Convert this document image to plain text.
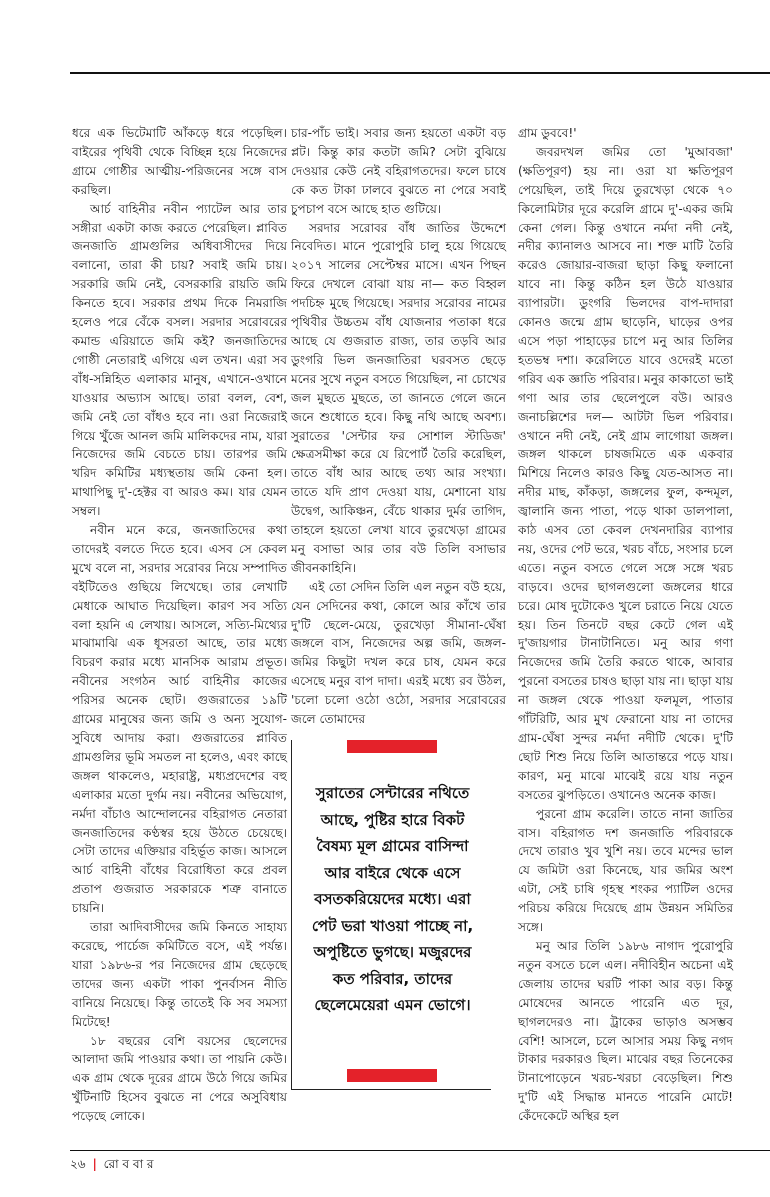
ধরে এক ভিটেমাটি আঁকড়ে ধরে পড়েছিল। বাইরের পৃথিবী থেকে বিচ্ছিন্ন হয়ে নিজেদের গ্রামে গোষ্ঠীর আত্মীয়-পরিজনের সঙ্গে বাস করছিল।

আর্চ বাহিনীর নবীন প্যাটেল আর তার সঙ্গীরা একটা কাজ করতে পেরেছিল। প্লাবিত জনজাতি গ্রামগুলির অধিবাসীদের দিয়ে বলানো, তারা কী চায়? সবাই জমি চায়। সরকারি জমি নেই, বেসরকারি রায়তি জমি কিনতে হবে। সরকার প্রথম দিকে নিমরাজি হলেও পরে বেঁকে বসল। সরদার সরোবরের কমান্ড এরিয়াতে জমি কই? জনজাতিদের গোষ্ঠী নেতারাই এগিয়ে এল তখন। এরা সব বাঁধ-সন্নিহিত এলাকার মানুষ, এখানে-ওখানে যাওয়ার অভ্যাস আছে। তারা বলল, বেশ, জমি নেই তো বাঁধও হবে না। ওরা নিজেরাই গিয়ে খুঁজে আনল জমি মালিকদের নাম, যারা নিজেদের জমি বেচতে চায়। তারপর জমি খরিদ কমিটির মধ্যস্থতায় জমি কেনা হল। মাথাপিছু দু'-হেক্টর বা আরও কম। যার যেমন সম্বল।

নবীন মনে করে, জনজাতিদের কথা তাদেরই বলতে দিতে হবে। এসব সে কেবল মুখে বলে না, সরদার সরোবর নিয়ে সম্পাদিত বইটিতেও গুছিয়ে লিখেছে। তার লেখাটি মেধাকে আঘাত দিয়েছিল। কারণ সব সত্যি বলা হয়নি এ লেখায়। আসলে, সত্যি-মিথ্যের মাঝামাঝি এক ধূসরতা আছে, তার মধ্যে বিচরণ করার মধ্যে মানসিক আরাম প্রভূত। নবীনের সংগঠন আর্চ বাহিনীর কাজের পরিসর অনেক ছোট। গুজরাতের ১৯টি গ্রামের মানুষের জন্য জমি ও অন্য সুযোগ-সুবিধে আদায় করা। গুজরাতের প্লাবিত গ্রামগুলির ভূমি সমতল না হলেও, এবং কাছে জঙ্গল থাকলেও, মহারাষ্ট্র, মধ্যপ্রদেশের বহু এলাকার মতো দুর্গম নয়। নবীনের অভিযোগ, নর্মদা বাঁচাও আন্দোলনের বহিরাগত নেতারা জনজাতিদের কণ্ঠস্বর হয়ে উঠতে চেয়েছে। সেটা তাদের এক্তিয়ার বহির্ভূত কাজ। আসলে আর্চ বাহিনী বাঁধের বিরোধিতা করে প্রবল প্রতাপ গুজরাত সরকারকে শত্রু বানাতে চায়নি।

তারা আদিবাসীদের জমি কিনতে সাহায্য করেছে, পার্চেজ কমিটিতে বসে, এই পর্যন্ত। যারা ১৯৮৬-র পর নিজেদের গ্রাম ছেড়েছে তাদের জন্য একটা পাকা পুনর্বাসন নীতি বানিয়ে নিয়েছে। কিন্তু তাতেই কি সব সমস্যা মিটেছে!

১৮ বছরের বেশি বয়সের ছেলেদের আলাদা জমি পাওয়ার কথা। তা পায়নি কেউ। এক গ্রাম থেকে দূরের গ্রামে উঠে গিয়ে জমির খুঁটিনাটি হিসেব বুঝতে না পেরে অসুবিধায় পড়েছে লোকে।

চার-পাঁচ ভাই। সবার জন্য হয়তো একটা বড় প্লট। কিন্তু কার কতটা জমি? সেটা বুঝিয়ে দেওয়ার কেউ নেই বহিরাগতদের। ফলে চাষে কে কত টাকা ঢালবে বুঝতে না পেরে সবাই চুপচাপ বসে আছে হাত গুটিয়ে।

সরদার সরোবর বাঁধ জাতির উদ্দেশে নিবেদিত। মানে পুরোপুরি চালু হয়ে গিয়েছে ২০১৭ সালের সেপ্টেম্বর মাসে। এখন পিছন ফিরে দেখলে বোঝা যায় না— কত বিহ্বল পদচিহ্ন মুছে গিয়েছে। সরদার সরোবর নামের পৃথিবীর উচ্চতম বাঁধ যোজনার পতাকা ধরে আছে যে গুজরাত রাজ্য, তার তড়বি আর ডুংগরি ভিল জনজাতিরা ঘরবসত ছেড়ে মনের সুখে নতুন বসতে গিয়েছিল, না চোখের জল মুছতে মুছতে, তা জানতে গেলে জনে জনে শুধোতে হবে। কিছু নথি আছে অবশ্য। সুরাতের 'সেন্টার ফর সোশাল স্টাডিজ' ক্ষেত্রসমীক্ষা করে যে রিপোর্ট তৈরি করেছিল, তাতে বাঁধ আর আছে তথ্য আর সংখ্যা। তাতে যদি প্রাণ দেওয়া যায়, মেশানো যায় উদ্বেগ, আকিঞ্চন, বেঁচে থাকার দুর্মর তাগিদ, তাহলে হয়তো লেখা যাবে তুরখেড়া গ্রামের মনু বসাভা আর তার বউ তিলি বসাভার জীবনকাহিনি।

এই তো সেদিন তিলি এল নতুন বউ হয়ে, যেন সেদিনের কথা, কোলে আর কাঁখে তার দু'টি ছেলে-মেয়ে, তুরখেড়া সীমানা-ঘেঁষা জঙ্গলে বাস, নিজেদের অল্প জমি, জঙ্গল-জমির কিছুটা দখল করে চাষ, যেমন করে এসেছে মনুর বাপ দাদা। এরই মধ্যে রব উঠল, 'চলো চলো ওঠো ওঠো, সরদার সরোবরের জলে তোমাদের

সুরাতের সেন্টারের নথিতে আছে, পুষ্টির হারে বিকট বৈষম্য মূল গ্রামের বাসিন্দা আর বাইরে থেকে এসে বসতকরিয়েদের মধ্যে। এরা পেট ভরা খাওয়া পাচ্ছে না, অপুষ্টিতে ভুগছে। মজুরদের কত পরিবার, তাদের ছেলেমেয়েরা এমন ভোগে।

গ্রাম ডুববে!'

জবরদখল জমির তো 'মুআবজা' (ক্ষতিপূরণ) হয় না। ওরা যা ক্ষতিপূরণ পেয়েছিল, তাই দিয়ে তুরখেড়া থেকে ৭০ কিলোমিটার দূরে করেলি গ্রামে দু'-একর জমি কেনা গেল। কিন্তু ওখানে নর্মদা নদী নেই, নদীর ক্যানালও আসবে না। শক্ত মাটি তৈরি করেও জোয়ার-বাজরা ছাড়া কিছু ফলানো যাবে না। কিন্তু কঠিন হল উঠে যাওয়ার ব্যাপারটা। ডুংগরি ভিলদের বাপ-দাদারা কোনও জন্মে গ্রাম ছাড়েনি, ঘাড়ের ওপর এসে পড়া পাহাড়ের চাপে মনু আর তিলির হতভম্ব দশা। করেলিতে যাবে ওদেরই মতো গরিব এক জ্ঞাতি পরিবার। মনুর কাকাতো ভাই গণা আর তার ছেলেপুলে বউ। আরও জনাচল্লিশের দল— আটটা ভিল পরিবার। ওখানে নদী নেই, নেই গ্রাম লাগোয়া জঙ্গল। জঙ্গল থাকলে চাষজমিতে এক একবার মিশিয়ে নিলেও কারও কিছু যেত-আসত না। নদীর মাছ, কাঁকড়া, জঙ্গলের ফুল, কন্দমূল, জ্বালানি জন্য পাতা, পড়ে থাকা ডালপালা, কাঠ এসব তো কেবল দেখনদারির ব্যাপার নয়, ওদের পেট ভরে, খরচ বাঁচে, সংসার চলে এতে। নতুন বসতে গেলে সঙ্গে সঙ্গে খরচ বাড়বে। ওদের ছাগলগুলো জঙ্গলের ধারে চরে। মোষ দুটোকেও খুলে চরাতে নিয়ে যেতে হয়। তিন তিনটে বছর কেটে গেল এই দু'জায়গার টানাটানিতে। মনু আর গণা নিজেদের জমি তৈরি করতে থাকে, আবার পুরনো বসতের চাষও ছাড়া যায় না। ছাড়া যায় না জঙ্গল থেকে পাওয়া ফলমূল, পাতার গাঁটরিটি, আর মুখ ফেরানো যায় না তাদের গ্রাম-ঘেঁষা সুন্দর নর্মদা নদীটি থেকে। দু'টি ছোট শিশু নিয়ে তিলি আতান্তরে পড়ে যায়। কারণ, মনু মাঝে মাঝেই রয়ে যায় নতুন বসতের ঝুপড়িতে। ওখানেও অনেক কাজ।

পুরনো গ্রাম করেলি। তাতে নানা জাতির বাস। বহিরাগত দশ জনজাতি পরিবারকে দেখে তারাও খুব খুশি নয়। তবে মন্দের ভাল যে জমিটা ওরা কিনেছে, যার জমির অংশ এটা, সেই চাষি গৃহস্থ শংকর প্যাটিল ওদের পরিচয় করিয়ে দিয়েছে গ্রাম উন্নয়ন সমিতির সঙ্গে।

মনু আর তিলি ১৯৮৬ নাগাদ পুরোপুরি নতুন বসতে চলে এল। নদীবিহীন অচেনা এই জেলায় তাদের ঘরটি পাকা আর বড়। কিন্তু মোষেদের আনতে পারেনি এত দূর, ছাগলদেরও না। ট্রাকের ভাড়াও অসম্ভব বেশি! আসলে, চলে আসার সময় কিছু নগদ টাকার দরকারও ছিল। মাঝের বছর তিনেকের টানাপোড়েনে খরচ-খরচা বেড়েছিল। শিশু দু'টি এই সিদ্ধান্ত মানতে পারেনি মোটে! কেঁদেকেটে অস্থির হল

২৬ | রো ব বা র
